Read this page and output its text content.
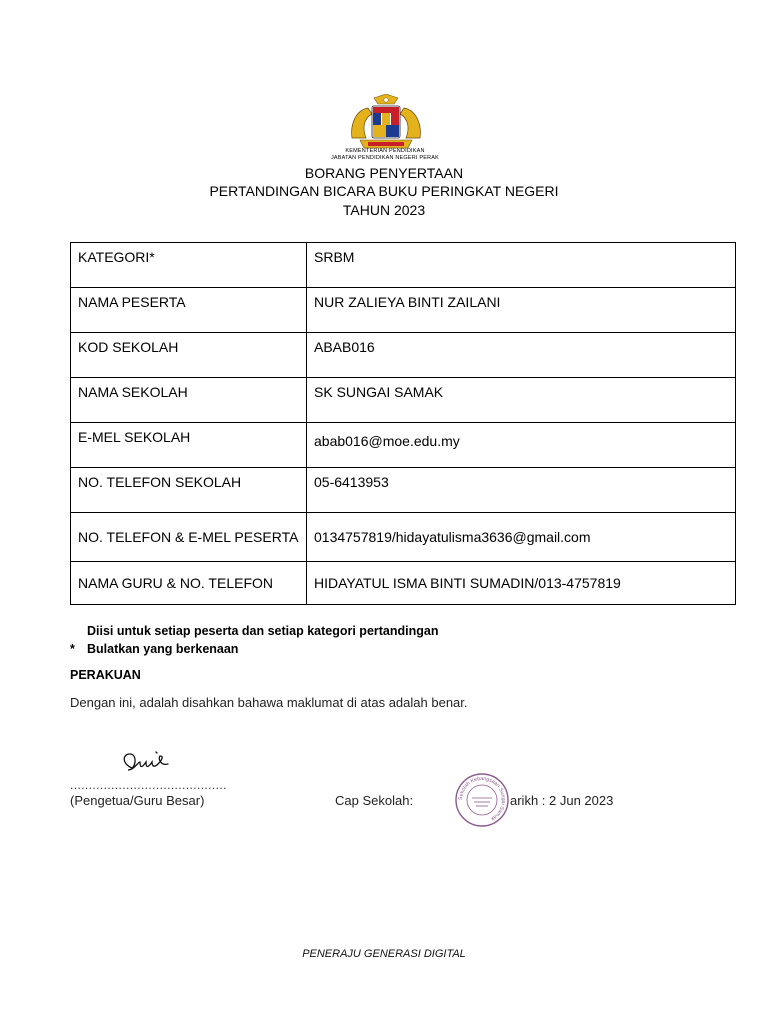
KEMENTERIAN PENDIDIKAN
JABATAN PENDIDIKAN NEGERI PERAK
BORANG PENYERTAAN
PERTANDINGAN BICARA BUKU PERINGKAT NEGERI
TAHUN 2023
KATEGORI*	SRBM

NAMA PESERTA	NUR ZALIEYA BINTI ZAILANI

KOD SEKOLAH	ABAB016

NAMA SEKOLAH	SK SUNGAI SAMAK

E-MEL SEKOLAH	abab016@moe.edu.my

NO. TELEFON SEKOLAH	05-6413953

NO. TELEFON & E-MEL PESERTA	0134757819/hidayatulisma3636@gmail.com

NAMA GURU & NO. TELEFON	HIDAYATUL ISMA BINTI SUMADIN/013-4757819
Diisi untuk setiap peserta dan setiap kategori pertandingan
* Bulatkan yang berkenaan
PERAKUAN
Dengan ini, adalah disahkan bahawa maklumat di atas adalah benar.
..........................................
(Pengetua/Guru Besar)	Cap Sekolah:	Sekolah Kebangsaan Sungai Samak
arikh : 2 Jun 2023
PENERAJU GENERASI DIGITAL
